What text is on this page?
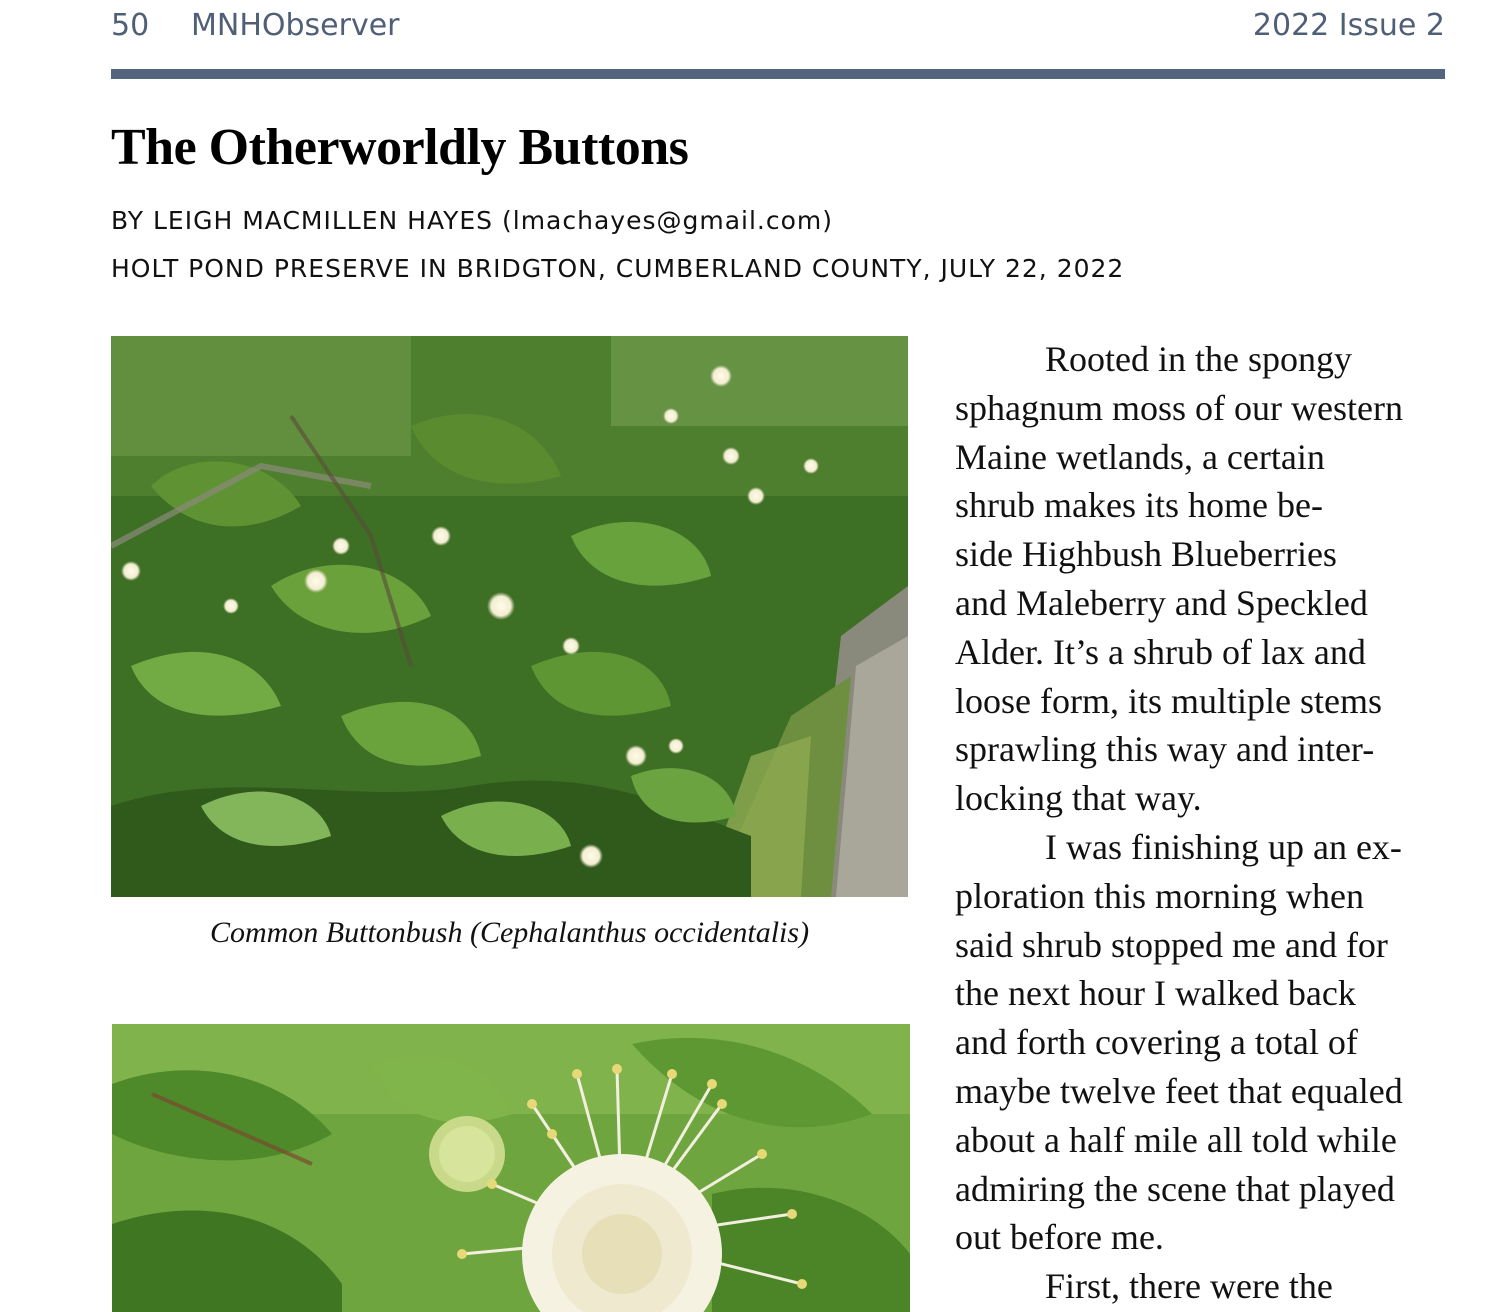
50 MNHObserver	2022 Issue 2
The Otherworldly Buttons
BY LEIGH MACMILLEN HAYES (lmachayes@gmail.com)
HOLT POND PRESERVE IN BRIDGTON, CUMBERLAND COUNTY, JULY 22, 2022
Common Buttonbush (Cephalanthus occidentalis)

Rooted in the spongy
sphagnum moss of our western
Maine wetlands, a certain
shrub makes its home be-
side Highbush Blueberries
and Maleberry and Speckled
Alder. It’s a shrub of lax and
loose form, its multiple stems
sprawling this way and inter-
locking that way.

I was finishing up an ex-
ploration this morning when
said shrub stopped me and for
the next hour I walked back
and forth covering a total of
maybe twelve feet that equaled
about a half mile all told while
admiring the scene that played
out before me.

First, there were the
